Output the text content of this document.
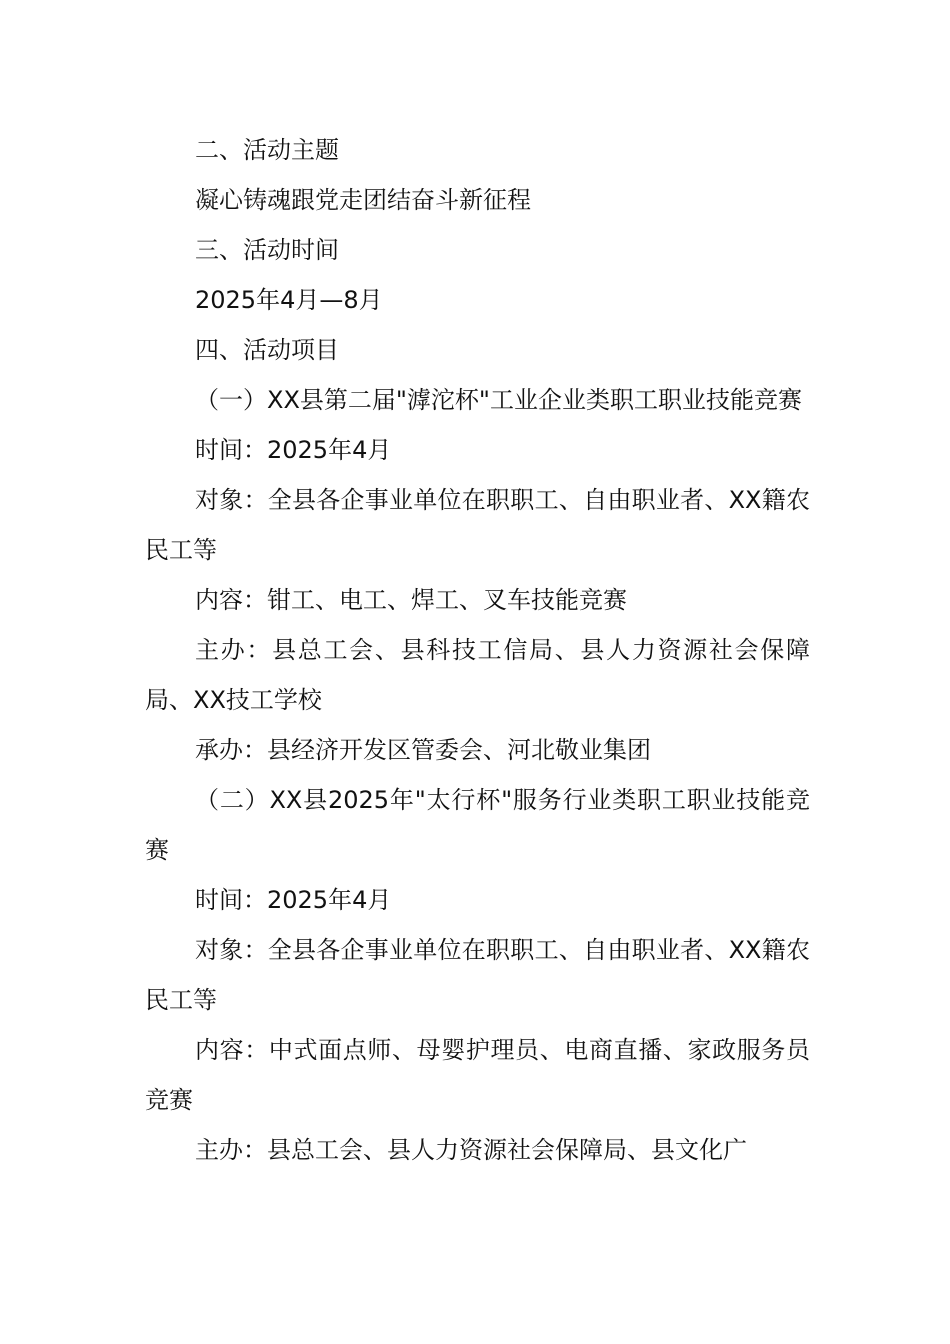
二、活动主题

凝心铸魂跟党走团结奋斗新征程

三、活动时间

2025年4月—8月

四、活动项目

（一）XX县第二届"滹沱杯"工业企业类职工职业技能竞赛

时间：2025年4月

对象：全县各企事业单位在职职工、自由职业者、XX籍农民工等

内容：钳工、电工、焊工、叉车技能竞赛

主办：县总工会、县科技工信局、县人力资源社会保障局、XX技工学校

承办：县经济开发区管委会、河北敬业集团

（二）XX县2025年"太行杯"服务行业类职工职业技能竞赛

时间：2025年4月

对象：全县各企事业单位在职职工、自由职业者、XX籍农民工等

内容：中式面点师、母婴护理员、电商直播、家政服务员竞赛

主办：县总工会、县人力资源社会保障局、县文化广
